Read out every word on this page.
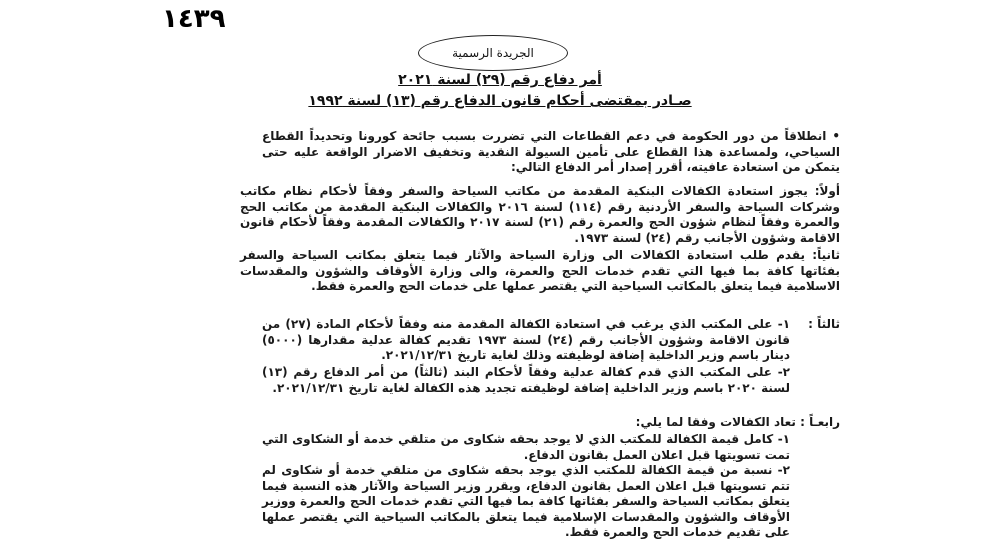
١٤٣٩
الجريدة الرسمية
أمر دفاع رقم (٢٩) لسنة ٢٠٢١
صـادر بمقتضى أحكام قانون الدفاع رقم (١٣) لسنة ١٩٩٢
•انطلاقاً من دور الحكومة في دعم القطاعات التي تضررت بسبب جائحة كورونا وتحديداً القطاع السياحي، ولمساعدة هذا القطاع على تأمين السيولة النقدية وتخفيف الاضرار الواقعة عليه حتى يتمكن من استعادة عافيته، أقرر إصدار أمر الدفاع التالي:
أولاً: يجوز استعادة الكفالات البنكية المقدمة من مكاتب السياحة والسفر وفقاً لأحكام نظام مكاتب وشركات السياحة والسفر الأردنية رقم (١١٤) لسنة ٢٠١٦ والكفالات البنكية المقدمة من مكاتب الحج والعمرة وفقاً لنظام شؤون الحج والعمرة رقم (٢١) لسنة ٢٠١٧ والكفالات المقدمة وفقاً لأحكام قانون الاقامة وشؤون الأجانب رقم (٢٤) لسنة ١٩٧٣.
ثانياً: يقدم طلب استعادة الكفالات الى وزارة السياحة والآثار فيما يتعلق بمكاتب السياحة والسفر بفئاتها كافة بما فيها التي تقدم خدمات الحج والعمرة، والى وزارة الأوقاف والشؤون والمقدسات الاسلامية فيما يتعلق بالمكاتب السياحية التي يقتصر عملها على خدمات الحج والعمرة فقط.
ثالثاً :
١- على المكتب الذي يرغب في استعادة الكفالة المقدمة منه وفقاً لأحكام المادة (٢٧) من قانون الاقامة وشؤون الأجانب رقم (٢٤) لسنة ١٩٧٣ تقديم كفالة عدلية مقدارها (٥٠٠٠) دينار باسم وزير الداخلية إضافة لوظيفته وذلك لغاية تاريخ ٢٠٢١/١٢/٣١.
٢- على المكتب الذي قدم كفالة عدلية وفقاً لأحكام البند (ثالثاً) من أمر الدفاع رقم (١٣) لسنة ٢٠٢٠ باسم وزير الداخلية إضافة لوظيفته تجديد هذه الكفالة لغاية تاريخ ٢٠٢١/١٢/٣١.
رابعـاً : تعاد الكفالات وفقا لما يلي:
١- كامل قيمة الكفالة للمكتب الذي لا يوجد بحقه شكاوى من متلقي خدمة أو الشكاوى التي تمت تسويتها قبل اعلان العمل بقانون الدفاع.
٢- نسبة من قيمة الكفالة للمكتب الذي يوجد بحقه شكاوى من متلقي خدمة أو شكاوى لم تتم تسويتها قبل اعلان العمل بقانون الدفاع، ويقرر وزير السياحة والآثار هذه النسبة فيما يتعلق بمكاتب السياحة والسفر بفئاتها كافة بما فيها التي تقدم خدمات الحج والعمرة ووزير الأوقاف والشؤون والمقدسات الإسلامية فيما يتعلق بالمكاتب السياحية التي يقتصر عملها على تقديم خدمات الحج والعمرة فقط.
